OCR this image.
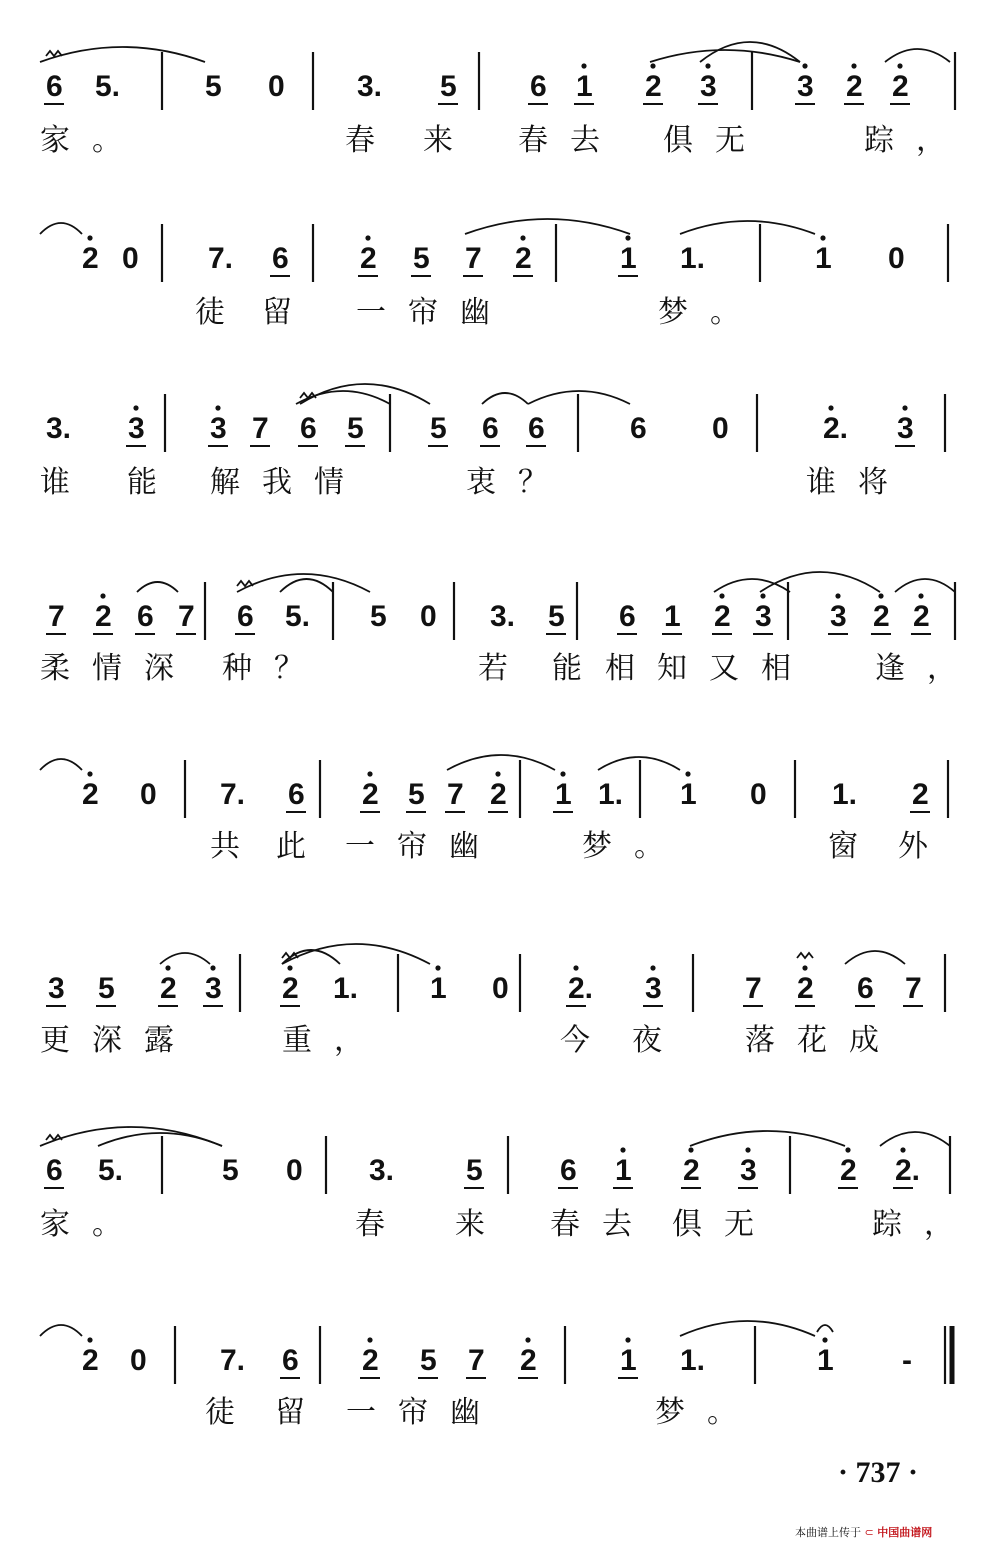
6 5.	5 0 3. 5 6 1 2 3	3 2 2
家。	春 来 春去 俱无	踪，
2 0 7. 6 2 5 7 2	1 1.	1 0
徒 留 一帘幽	梦。
3. 3 3 7 6 5 5 6 6	6 0	2. 3
谁 能 解我情	衷？	谁将
7 2 6 7 6 5. 5 0 3. 5 6 1 2 3 3 2 2
柔情深 种？	若 能 相知又相 逢，
2 0 7. 6 2 5 7 2 1 1. 1 0 1. 2
共 此 一帘幽	梦。	窗 外
3 5 2 3 2 1. 1 0 2. 3	7 2 6 7
更深露	重，	今 夜 落花成
6 5.	5 0 3. 5	6 1 2 3	2 2.
家。	春 来 春去 俱无	踪，
2 0 7. 6 2 5 7 2	1 1.	1 -
徒 留 一帘幽	梦。
· 737 ·
本曲谱上传于 ⊂ 中国曲谱网
